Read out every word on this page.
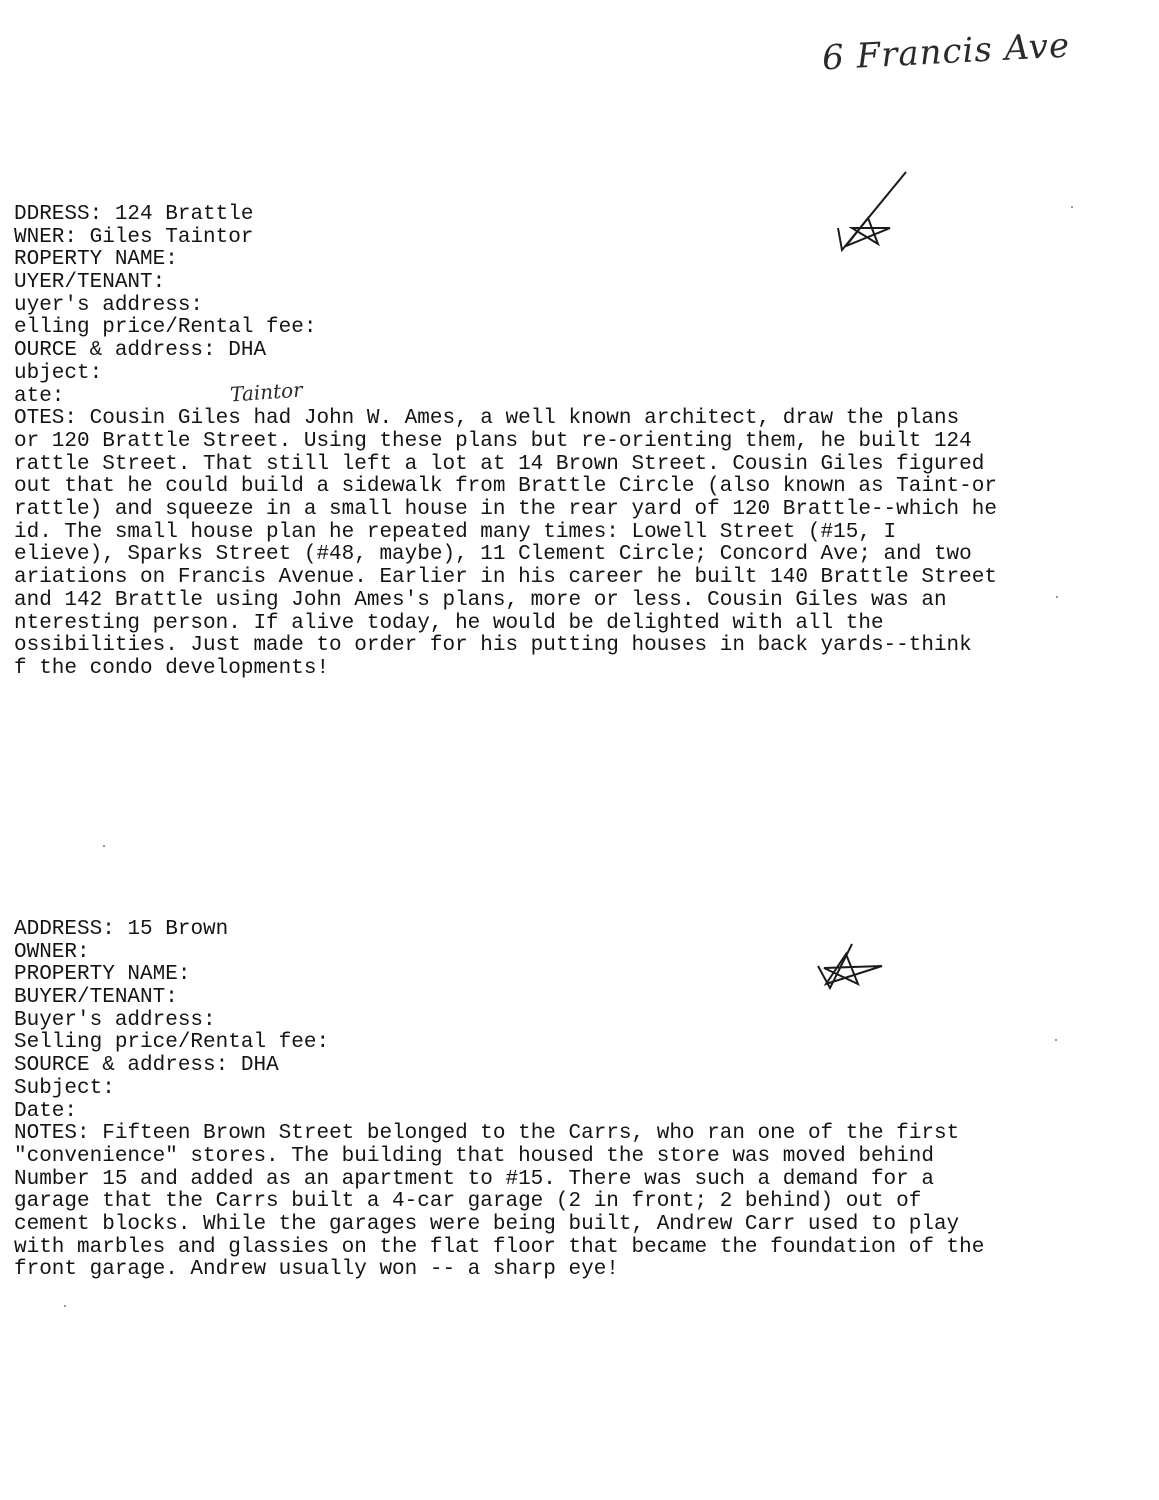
6 Francis Ave
DDRESS: 124 Brattle
WNER: Giles Taintor
ROPERTY NAME:
UYER/TENANT:
uyer's address:
elling price/Rental fee:
OURCE & address: DHA
ubject:
ate:

OTES: Cousin Giles had John W. Ames, a well known architect, draw the plans
or 120 Brattle Street. Using these plans but re-orienting them, he built 124
rattle Street. That still left a lot at 14 Brown Street. Cousin Giles figured
out that he could build a sidewalk from Brattle Circle (also known as Taint-or
rattle) and squeeze in a small house in the rear yard of 120 Brattle--which he
id. The small house plan he repeated many times: Lowell Street (#15, I
elieve), Sparks Street (#48, maybe), 11 Clement Circle; Concord Ave; and two
ariations on Francis Avenue. Earlier in his career he built 140 Brattle Street
and 142 Brattle using John Ames's plans, more or less. Cousin Giles was an
nteresting person. If alive today, he would be delighted with all the
ossibilities. Just made to order for his putting houses in back yards--think
f the condo developments!

Taintor
ADDRESS: 15 Brown
OWNER:
PROPERTY NAME:
BUYER/TENANT:
Buyer's address:
Selling price/Rental fee:
SOURCE & address: DHA
Subject:
Date:

NOTES: Fifteen Brown Street belonged to the Carrs, who ran one of the first
"convenience" stores. The building that housed the store was moved behind
Number 15 and added as an apartment to #15. There was such a demand for a
garage that the Carrs built a 4-car garage (2 in front; 2 behind) out of
cement blocks. While the garages were being built, Andrew Carr used to play
with marbles and glassies on the flat floor that became the foundation of the
front garage. Andrew usually won -- a sharp eye!
